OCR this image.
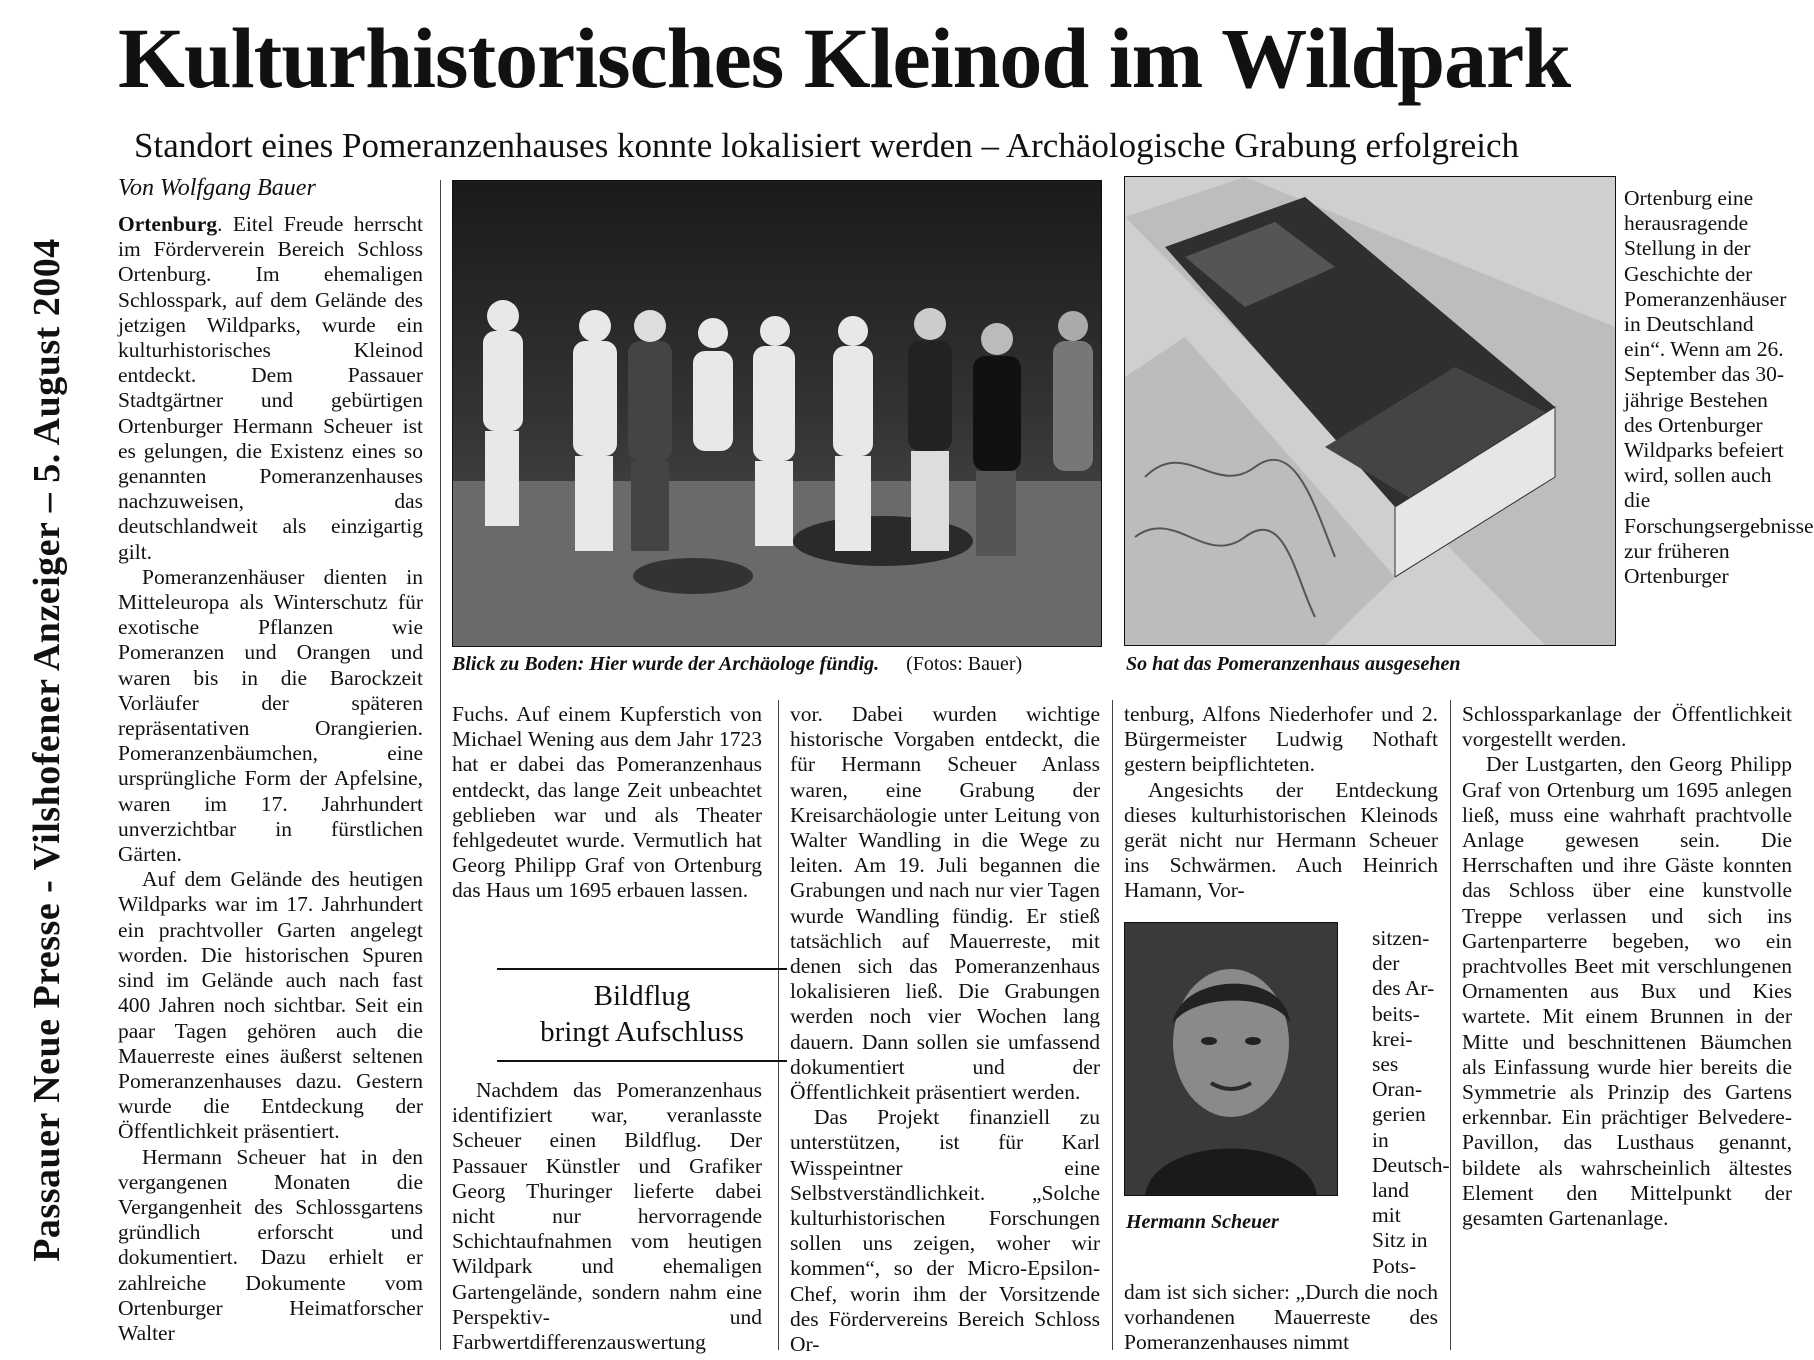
Passauer Neue Presse - Vilshofener Anzeiger – 5. August 2004
Kulturhistorisches Kleinod im Wildpark
Standort eines Pomeranzenhauses konnte lokalisiert werden – Archäologische Grabung erfolgreich
Von Wolfgang Bauer

Ortenburg. Eitel Freude herrscht im Förderverein Bereich Schloss Ortenburg. Im ehemaligen Schlosspark, auf dem Gelände des jetzigen Wildparks, wurde ein kulturhistorisches Kleinod entdeckt. Dem Passauer Stadtgärtner und gebürtigen Ortenburger Hermann Scheuer ist es gelungen, die Existenz eines so genannten Pomeranzenhauses nachzuweisen, das deutschlandweit als einzigartig gilt.

Pomeranzenhäuser dienten in Mitteleuropa als Winterschutz für exotische Pflanzen wie Pomeranzen und Orangen und waren bis in die Barockzeit Vorläufer der späteren repräsentativen Orangierien. Pomeranzenbäumchen, eine ursprüngliche Form der Apfelsine, waren im 17. Jahrhundert unverzichtbar in fürstlichen Gärten.

Auf dem Gelände des heutigen Wildparks war im 17. Jahrhundert ein prachtvoller Garten angelegt worden. Die historischen Spuren sind im Gelände auch nach fast 400 Jahren noch sichtbar. Seit ein paar Tagen gehören auch die Mauerreste eines äußerst seltenen Pomeranzenhauses dazu. Gestern wurde die Entdeckung der Öffentlichkeit präsentiert.

Hermann Scheuer hat in den vergangenen Monaten die Vergangenheit des Schlossgartens gründlich erforscht und dokumentiert. Dazu erhielt er zahlreiche Dokumente vom Ortenburger Heimatforscher Walter

Blick zu Boden: Hier wurde der Archäologe fündig. (Fotos: Bauer)	So hat das Pomeranzenhaus ausgesehen

Ortenburg eine herausragende Stellung in der Geschichte der Pomeranzenhäuser in Deutschland ein“. Wenn am 26. September das 30-jährige Bestehen des Ortenburger Wildparks befeiert wird, sollen auch die Forschungsergebnisse zur früheren Ortenburger

Fuchs. Auf einem Kupferstich von Michael Wening aus dem Jahr 1723 hat er dabei das Pomeranzenhaus entdeckt, das lange Zeit unbeachtet geblieben war und als Theater fehlgedeutet wurde. Vermutlich hat Georg Philipp Graf von Ortenburg das Haus um 1695 erbauen lassen.

Bildflug
bringt Aufschluss

Nachdem das Pomeranzenhaus identifiziert war, veranlasste Scheuer einen Bildflug. Der Passauer Künstler und Grafiker Georg Thuringer lieferte dabei nicht nur hervorragende Schichtaufnahmen vom heutigen Wildpark und ehemaligen Gartengelände, sondern nahm eine Perspektiv- und Farbwertdifferenzauswertung

vor. Dabei wurden wichtige historische Vorgaben entdeckt, die für Hermann Scheuer Anlass waren, eine Grabung der Kreisarchäologie unter Leitung von Walter Wandling in die Wege zu leiten. Am 19. Juli begannen die Grabungen und nach nur vier Tagen wurde Wandling fündig. Er stieß tatsächlich auf Mauerreste, mit denen sich das Pomeranzenhaus lokalisieren ließ. Die Grabungen werden noch vier Wochen lang dauern. Dann sollen sie umfassend dokumentiert und der Öffentlichkeit präsentiert werden.

Das Projekt finanziell zu unterstützen, ist für Karl Wisspeintner eine Selbstverständlichkeit. „Solche kulturhistorischen Forschungen sollen uns zeigen, woher wir kommen“, so der Micro-Epsilon-Chef, worin ihm der Vorsitzende des Fördervereins Bereich Schloss Or-

tenburg, Alfons Niederhofer und 2. Bürgermeister Ludwig Nothaft gestern beipflichteten.

Angesichts der Entdeckung dieses kulturhistorischen Kleinods gerät nicht nur Hermann Scheuer ins Schwärmen. Auch Heinrich Hamann, Vor-

Hermann Scheuer
sitzen-
der
des Ar-
beits-
krei-
ses
Oran-
gerien
in
Deutsch-
land
mit
Sitz in
Pots-

dam ist sich sicher: „Durch die noch vorhandenen Mauerreste des Pomeranzenhauses nimmt

Schlossparkanlage der Öffentlichkeit vorgestellt werden.

Der Lustgarten, den Georg Philipp Graf von Ortenburg um 1695 anlegen ließ, muss eine wahrhaft prachtvolle Anlage gewesen sein. Die Herrschaften und ihre Gäste konnten das Schloss über eine kunstvolle Treppe verlassen und sich ins Gartenparterre begeben, wo ein prachtvolles Beet mit verschlungenen Ornamenten aus Bux und Kies wartete. Mit einem Brunnen in der Mitte und beschnittenen Bäumchen als Einfassung wurde hier bereits die Symmetrie als Prinzip des Gartens erkennbar. Ein prächtiger Belvedere-Pavillon, das Lusthaus genannt, bildete als wahrscheinlich ältestes Element den Mittelpunkt der gesamten Gartenanlage.
